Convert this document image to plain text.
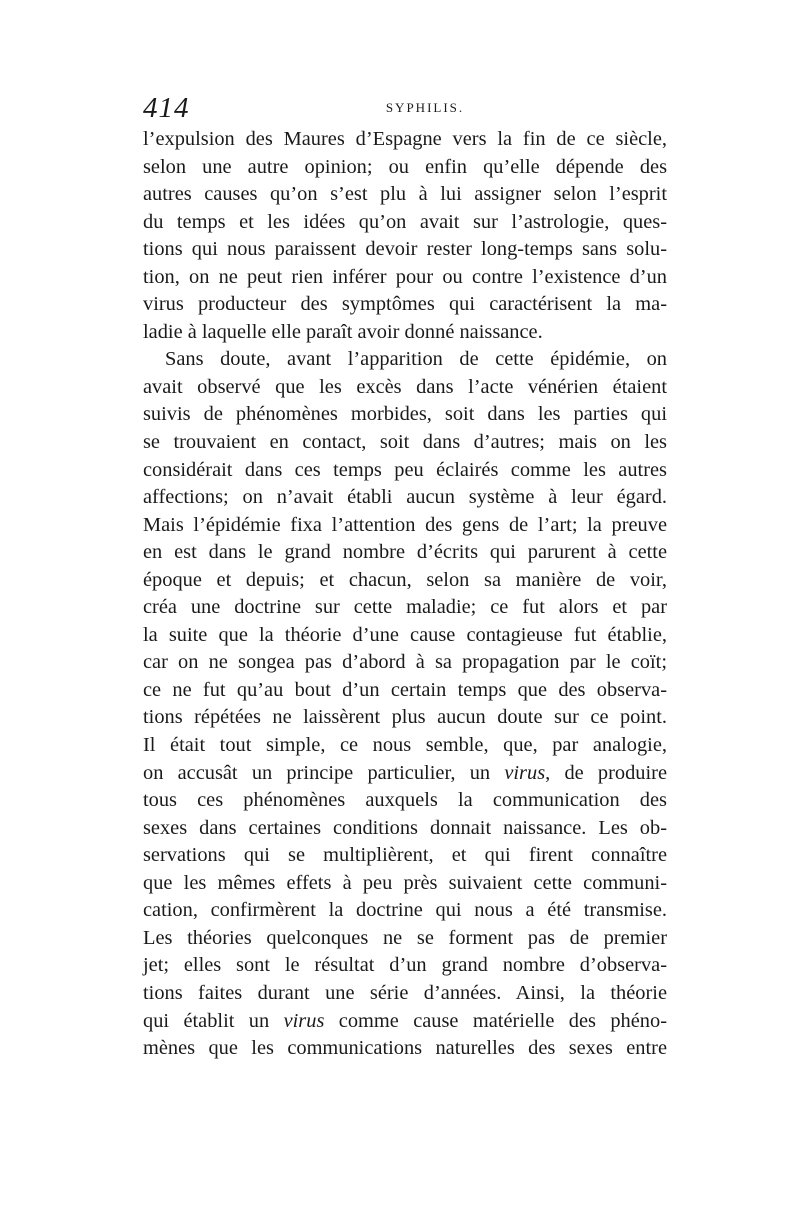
414	SYPHILIS.
l’expulsion des Maures d’Espagne vers la fin de ce siècle,
selon une autre opinion; ou enfin qu’elle dépende des
autres causes qu’on s’est plu à lui assigner selon l’esprit
du temps et les idées qu’on avait sur l’astrologie, ques-
tions qui nous paraissent devoir rester long-temps sans solu-
tion, on ne peut rien inférer pour ou contre l’existence d’un
virus producteur des symptômes qui caractérisent la ma-
ladie à laquelle elle paraît avoir donné naissance.
Sans doute, avant l’apparition de cette épidémie, on
avait observé que les excès dans l’acte vénérien étaient
suivis de phénomènes morbides, soit dans les parties qui
se trouvaient en contact, soit dans d’autres; mais on les
considérait dans ces temps peu éclairés comme les autres
affections; on n’avait établi aucun système à leur égard.
Mais l’épidémie fixa l’attention des gens de l’art; la preuve
en est dans le grand nombre d’écrits qui parurent à cette
époque et depuis; et chacun, selon sa manière de voir,
créa une doctrine sur cette maladie; ce fut alors et par
la suite que la théorie d’une cause contagieuse fut établie,
car on ne songea pas d’abord à sa propagation par le coït;
ce ne fut qu’au bout d’un certain temps que des observa-
tions répétées ne laissèrent plus aucun doute sur ce point.
Il était tout simple, ce nous semble, que, par analogie,
on accusât un principe particulier, un virus, de produire
tous ces phénomènes auxquels la communication des
sexes dans certaines conditions donnait naissance. Les ob-
servations qui se multiplièrent, et qui firent connaître
que les mêmes effets à peu près suivaient cette communi-
cation, confirmèrent la doctrine qui nous a été transmise.
Les théories quelconques ne se forment pas de premier
jet; elles sont le résultat d’un grand nombre d’observa-
tions faites durant une série d’années. Ainsi, la théorie
qui établit un virus comme cause matérielle des phéno-
mènes que les communications naturelles des sexes entre
